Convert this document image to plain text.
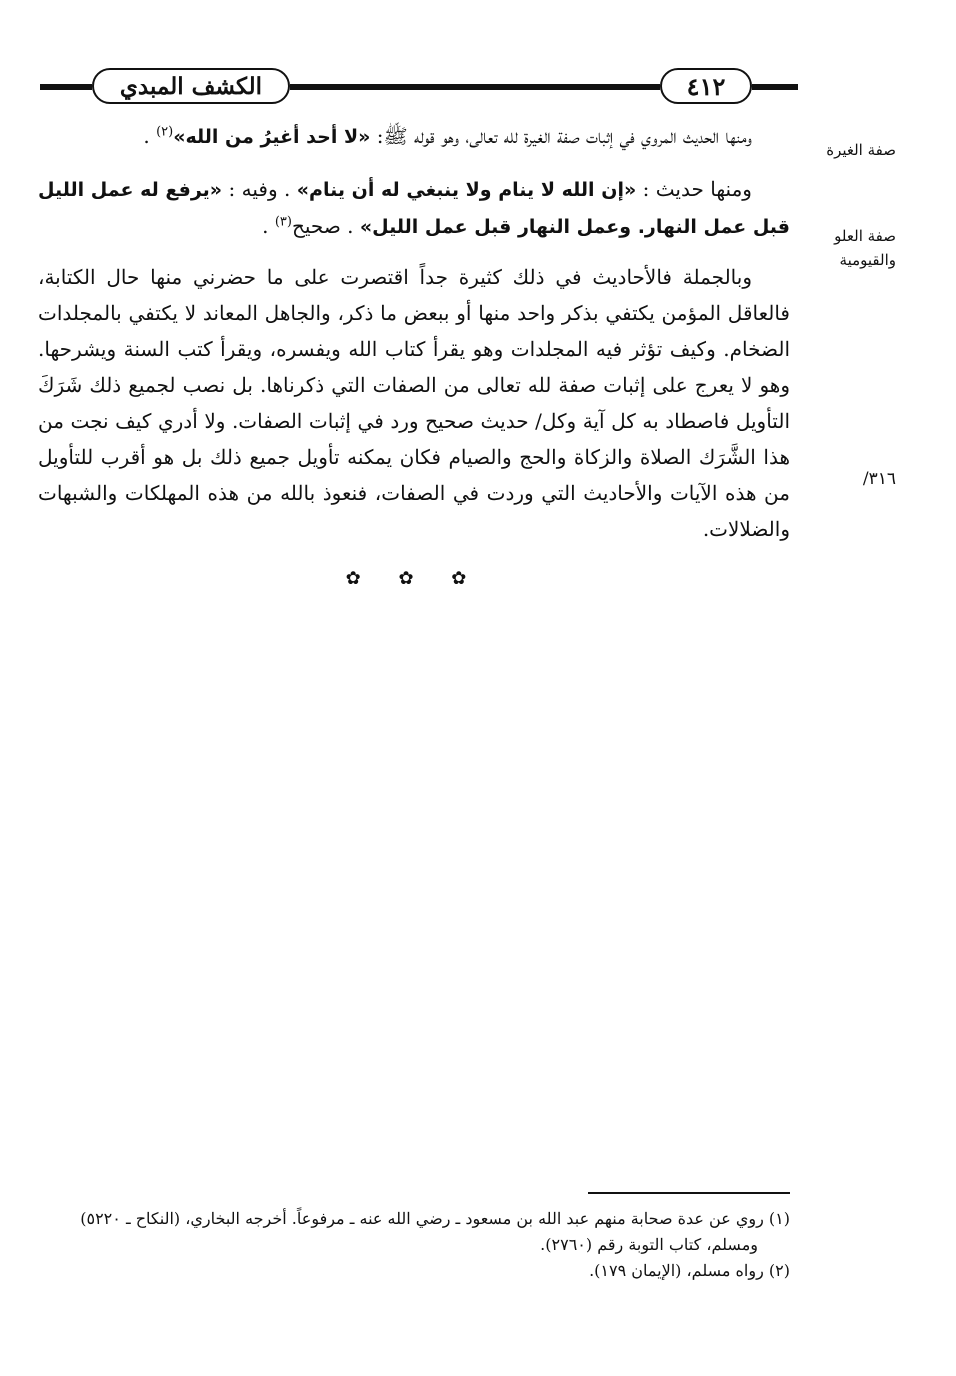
الكشف المبدي	٤١٢
صفة الغيرة
صفة العلو
والقيومية
٣١٦/

ومنها الحديث المروي في إثبات صفة الغيرة لله تعالى، وهو قوله ﷺ: «لا أحد أغيرُ من الله»$^{(٢)}$ .

ومنها حديث : «إن الله لا ينام ولا ينبغي له أن ينام» . وفيه : «يرفع له عمل الليل قبل عمل النهار. وعمل النهار قبل عمل الليل» . صحيح$^{(٣)}$ .

وبالجملة فالأحاديث في ذلك كثيرة جداً اقتصرت على ما حضرني منها حال الكتابة، فالعاقل المؤمن يكتفي بذكر واحد منها أو ببعض ما ذكر، والجاهل المعاند لا يكتفي بالمجلدات الضخام. وكيف تؤثر فيه المجلدات وهو يقرأ كتاب الله ويفسره، ويقرأ كتب السنة ويشرحها. وهو لا يعرج على إثبات صفة لله تعالى من الصفات التي ذكرناها. بل نصب لجميع ذلك شَرَكَ التأويل فاصطاد به كل آية وكل/ حديث صحيح ورد في إثبات الصفات. ولا أدري كيف نجت من هذا الشَّرَك الصلاة والزكاة والحج والصيام فكان يمكنه تأويل جميع ذلك بل هو أقرب للتأويل من هذه الآيات والأحاديث التي وردت في الصفات، فنعوذ بالله من هذه المهلكات والشبهات والضلالات.

✿ ✿ ✿

(١) روي عن عدة صحابة منهم عبد الله بن مسعود ـ رضي الله عنه ـ مرفوعاً. أخرجه البخاري، (النكاح ـ ٥٢٢٠)

ومسلم، كتاب التوبة رقم (٢٧٦٠).

(٢) رواه مسلم، (الإيمان ١٧٩).
